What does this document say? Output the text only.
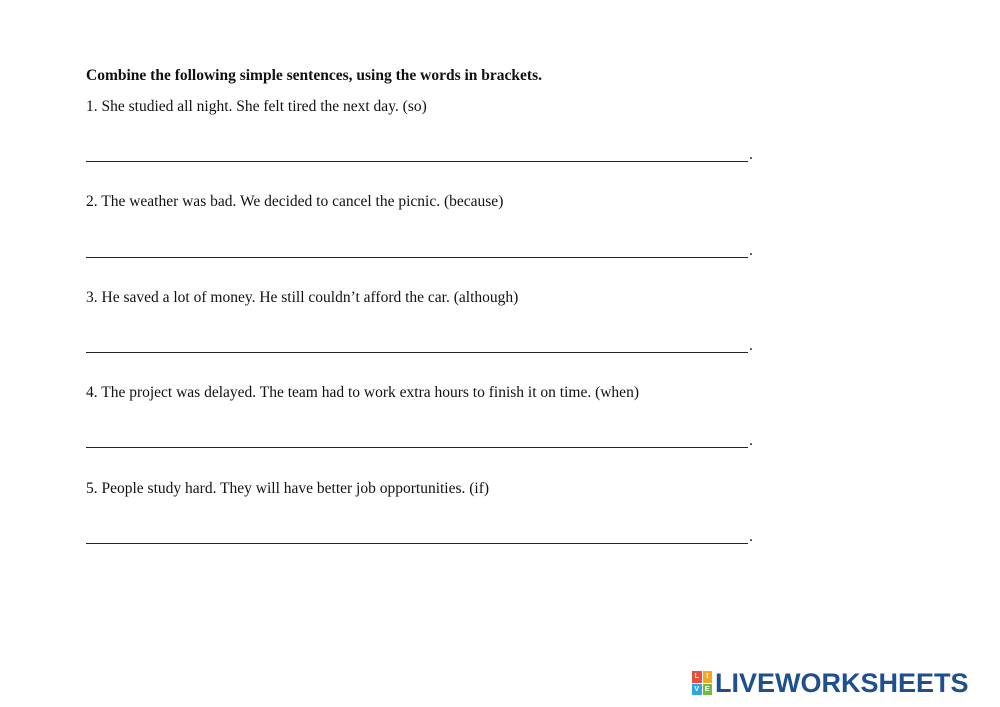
Combine the following simple sentences, using the words in brackets.
1. She studied all night. She felt tired the next day. (so)
.
2. The weather was bad. We decided to cancel the picnic. (because)
.
3. He saved a lot of money. He still couldn’t afford the car. (although)
.
4. The project was delayed. The team had to work extra hours to finish it on time. (when)
.
5. People study hard. They will have better job opportunities. (if)
.
L	I
V E LIVEWORKSHEETS
